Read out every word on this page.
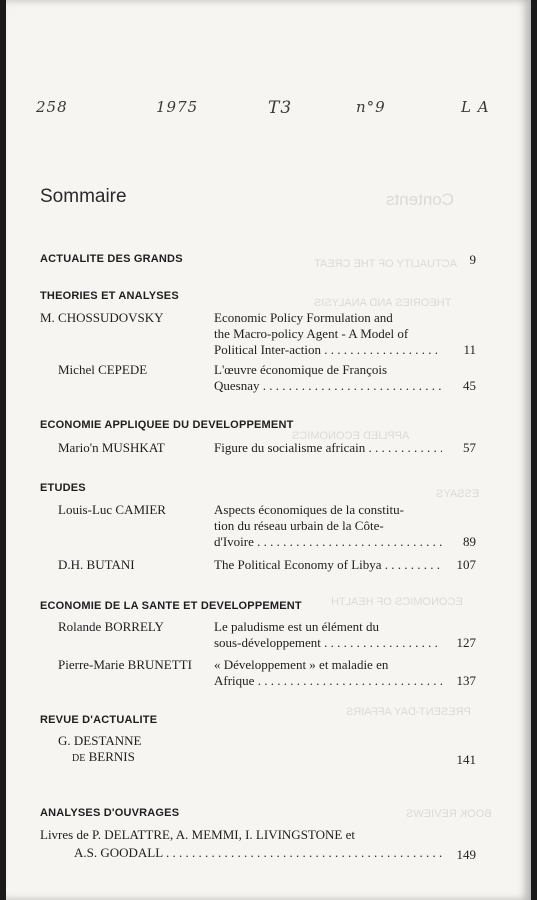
258	1975	T3	n°9	L A
Contents
ACTUALITY OF THE CREAT
THEORIES AND ANALYSIS
APPLIED ECONOMICS
ESSAYS
ECONOMICS OF HEALTH
PRESENT-DAY AFFAIRS
BOOK REVIEWS
Sommaire
ACTUALITE DES GRANDS	9
THEORIES ET ANALYSES
M. CHOSSUDOVSKY	Economic Policy Formulation and
the Macro-policy Agent - A Model of
Political Inter-action . . .	11
Michel CEPEDE	L'œuvre économique de François
Quesnay . . .	45
ECONOMIE APPLIQUEE DU DEVELOPPEMENT
Mario'n MUSHKAT	Figure du socialisme africain . . .	57
ETUDES
Louis-Luc CAMIER	Aspects économiques de la constitu-
tion du réseau urbain de la Côte-
d'Ivoire . . .	89
D.H. BUTANI	The Political Economy of Libya . . .	107
ECONOMIE DE LA SANTE ET DEVELOPPEMENT
Rolande BORRELY	Le paludisme est un élément du
sous-développement . . .	127
Pierre-Marie BRUNETTI « Développement » et maladie en
Afrique . . .	137
REVUE D'ACTUALITE
G. DESTANNE
DE BERNIS	141
ANALYSES D'OUVRAGES
Livres de P. DELATTRE, A. MEMMI, I. LIVINGSTONE et
A.S. GOODALL . . .	149
